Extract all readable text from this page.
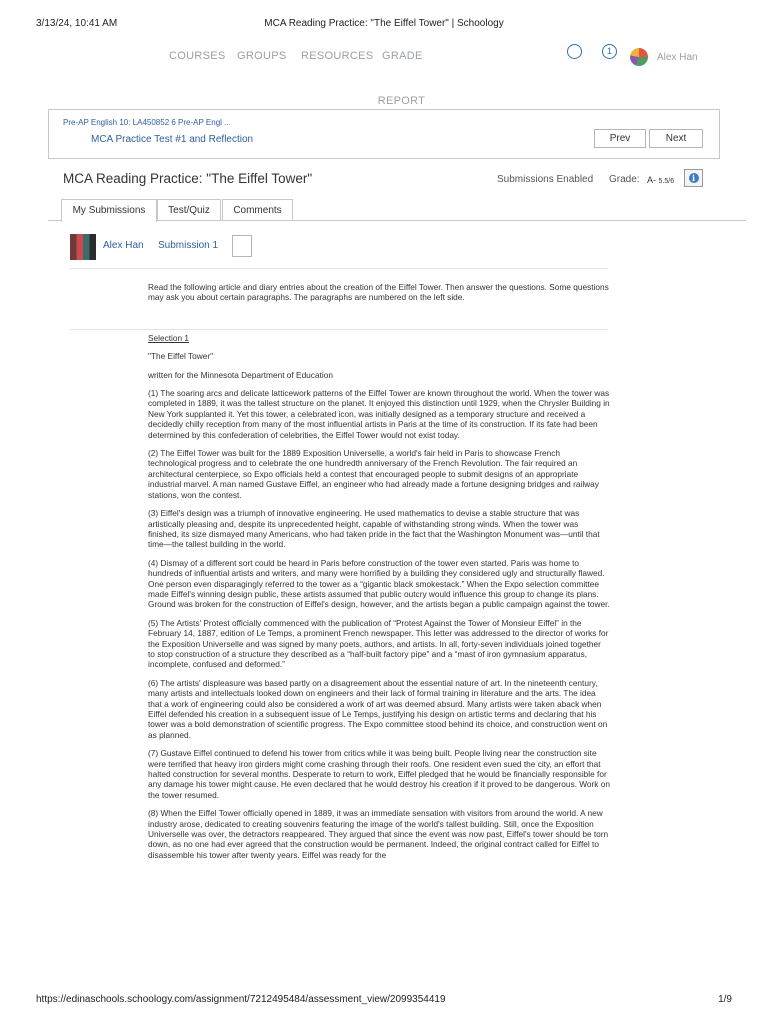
3/13/24, 10:41 AM	MCA Reading Practice: "The Eiffel Tower" | Schoology
COURSES GROUPS RESOURCES GRADE
REPORT
1
Alex Han
Pre-AP English 10: LA450852 6 Pre-AP Engl ...
MCA Practice Test #1 and Reflection	Prev	Next
MCA Reading Practice: "The Eiffel Tower"	Submissions Enabled Grade: A- 5.5/6	i
My Submissions	Test/Quiz	Comments
Alex Han Submission 1

Read the following article and diary entries about the creation of the Eiffel Tower. Then answer the questions. Some questions may ask you about certain paragraphs. The paragraphs are numbered on the left side.

Selection 1

"The Eiffel Tower"

written for the Minnesota Department of Education

(1) The soaring arcs and delicate latticework patterns of the Eiffel Tower are known throughout the world. When the tower was completed in 1889, it was the tallest structure on the planet. It enjoyed this distinction until 1929, when the Chrysler Building in New York supplanted it. Yet this tower, a celebrated icon, was initially designed as a temporary structure and received a decidedly chilly reception from many of the most influential artists in Paris at the time of its construction. If its fate had been determined by this confederation of celebrities, the Eiffel Tower would not exist today.

(2) The Eiffel Tower was built for the 1889 Exposition Universelle, a world's fair held in Paris to showcase French technological progress and to celebrate the one hundredth anniversary of the French Revolution. The fair required an architectural centerpiece, so Expo officials held a contest that encouraged people to submit designs of an appropriate industrial marvel. A man named Gustave Eiffel, an engineer who had already made a fortune designing bridges and railway stations, won the contest.

(3) Eiffel's design was a triumph of innovative engineering. He used mathematics to devise a stable structure that was artistically pleasing and, despite its unprecedented height, capable of withstanding strong winds. When the tower was finished, its size dismayed many Americans, who had taken pride in the fact that the Washington Monument was—until that time—the tallest building in the world.

(4) Dismay of a different sort could be heard in Paris before construction of the tower even started. Paris was home to hundreds of influential artists and writers, and many were horrified by a building they considered ugly and structurally flawed. One person even disparagingly referred to the tower as a “gigantic black smokestack.” When the Expo selection committee made Eiffel's winning design public, these artists assumed that public outcry would influence this group to change its plans. Ground was broken for the construction of Eiffel's design, however, and the artists began a public campaign against the tower.

(5) The Artists' Protest officially commenced with the publication of “Protest Against the Tower of Monsieur Eiffel” in the February 14, 1887, edition of Le Temps, a prominent French newspaper. This letter was addressed to the director of works for the Exposition Universelle and was signed by many poets, authors, and artists. In all, forty-seven individuals joined together to stop construction of a structure they described as a “half-built factory pipe” and a “mast of iron gymnasium apparatus, incomplete, confused and deformed.”

(6) The artists' displeasure was based partly on a disagreement about the essential nature of art. In the nineteenth century, many artists and intellectuals looked down on engineers and their lack of formal training in literature and the arts. The idea that a work of engineering could also be considered a work of art was deemed absurd. Many artists were taken aback when Eiffel defended his creation in a subsequent issue of Le Temps, justifying his design on artistic terms and declaring that his tower was a bold demonstration of scientific progress. The Expo committee stood behind its choice, and construction went on as planned.

(7) Gustave Eiffel continued to defend his tower from critics while it was being built. People living near the construction site were terrified that heavy iron girders might come crashing through their roofs. One resident even sued the city, an effort that halted construction for several months. Desperate to return to work, Eiffel pledged that he would be financially responsible for any damage his tower might cause. He even declared that he would destroy his creation if it proved to be dangerous. Work on the tower resumed.

(8) When the Eiffel Tower officially opened in 1889, it was an immediate sensation with visitors from around the world. A new industry arose, dedicated to creating souvenirs featuring the image of the world's tallest building. Still, once the Exposition Universelle was over, the detractors reappeared. They argued that since the event was now past, Eiffel's tower should be torn down, as no one had ever agreed that the construction would be permanent. Indeed, the original contract called for Eiffel to disassemble his tower after twenty years. Eiffel was ready for the

https://edinaschools.schoology.com/assignment/7212495484/assessment_view/2099354419	1/9
